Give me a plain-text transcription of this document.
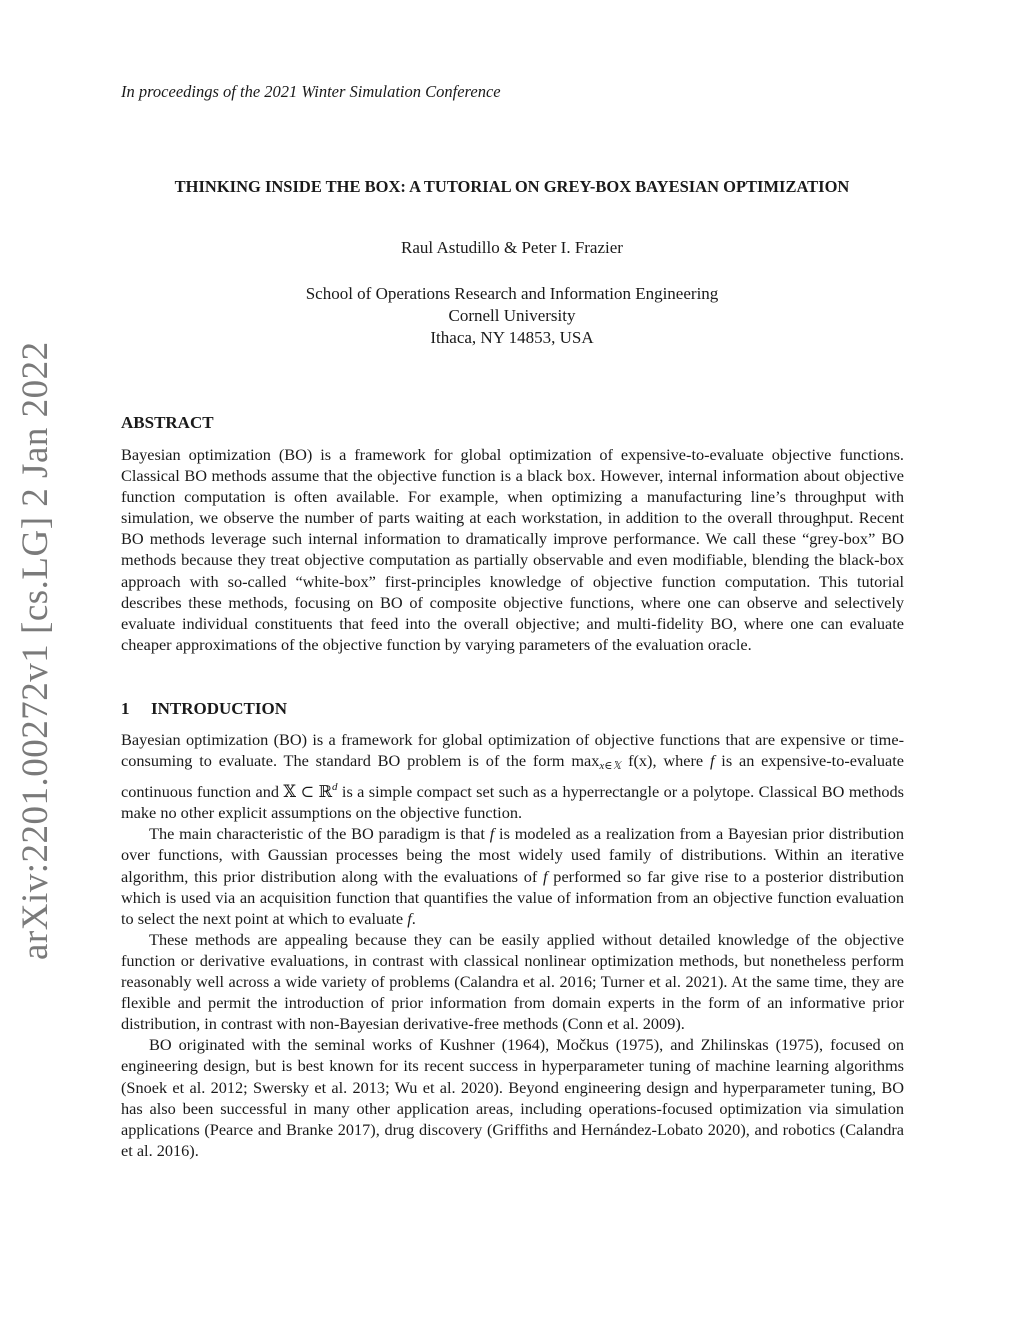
arXiv:2201.00272v1 [cs.LG] 2 Jan 2022
In proceedings of the 2021 Winter Simulation Conference
THINKING INSIDE THE BOX: A TUTORIAL ON GREY-BOX BAYESIAN OPTIMIZATION
Raul Astudillo & Peter I. Frazier
School of Operations Research and Information Engineering
Cornell University
Ithaca, NY 14853, USA
ABSTRACT

Bayesian optimization (BO) is a framework for global optimization of expensive-to-evaluate objective functions. Classical BO methods assume that the objective function is a black box. However, internal information about objective function computation is often available. For example, when optimizing a manufacturing line’s throughput with simulation, we observe the number of parts waiting at each workstation, in addition to the overall throughput. Recent BO methods leverage such internal information to dramatically improve performance. We call these “grey-box” BO methods because they treat objective computation as partially observable and even modifiable, blending the black-box approach with so-called “white-box” first-principles knowledge of objective function computation. This tutorial describes these methods, focusing on BO of composite objective functions, where one can observe and selectively evaluate individual constituents that feed into the overall objective; and multi-fidelity BO, where one can evaluate cheaper approximations of the objective function by varying parameters of the evaluation oracle.

1 INTRODUCTION

Bayesian optimization (BO) is a framework for global optimization of objective functions that are expensive or time-consuming to evaluate. The standard BO problem is of the form $\max_{x\in 𝕏} f(x)$, where f is an expensive-to-evaluate continuous function and 𝕏 ⊂ ℝ$^d$ is a simple compact set such as a hyperrectangle or a polytope. Classical BO methods make no other explicit assumptions on the objective function.

The main characteristic of the BO paradigm is that f is modeled as a realization from a Bayesian prior distribution over functions, with Gaussian processes being the most widely used family of distributions. Within an iterative algorithm, this prior distribution along with the evaluations of f performed so far give rise to a posterior distribution which is used via an acquisition function that quantifies the value of information from an objective function evaluation to select the next point at which to evaluate f.

These methods are appealing because they can be easily applied without detailed knowledge of the objective function or derivative evaluations, in contrast with classical nonlinear optimization methods, but nonetheless perform reasonably well across a wide variety of problems (Calandra et al. 2016; Turner et al. 2021). At the same time, they are flexible and permit the introduction of prior information from domain experts in the form of an informative prior distribution, in contrast with non-Bayesian derivative-free methods (Conn et al. 2009).

BO originated with the seminal works of Kushner (1964), Močkus (1975), and Zhilinskas (1975), focused on engineering design, but is best known for its recent success in hyperparameter tuning of machine learning algorithms (Snoek et al. 2012; Swersky et al. 2013; Wu et al. 2020). Beyond engineering design and hyperparameter tuning, BO has also been successful in many other application areas, including operations-focused optimization via simulation applications (Pearce and Branke 2017), drug discovery (Griffiths and Hernández-Lobato 2020), and robotics (Calandra et al. 2016).
